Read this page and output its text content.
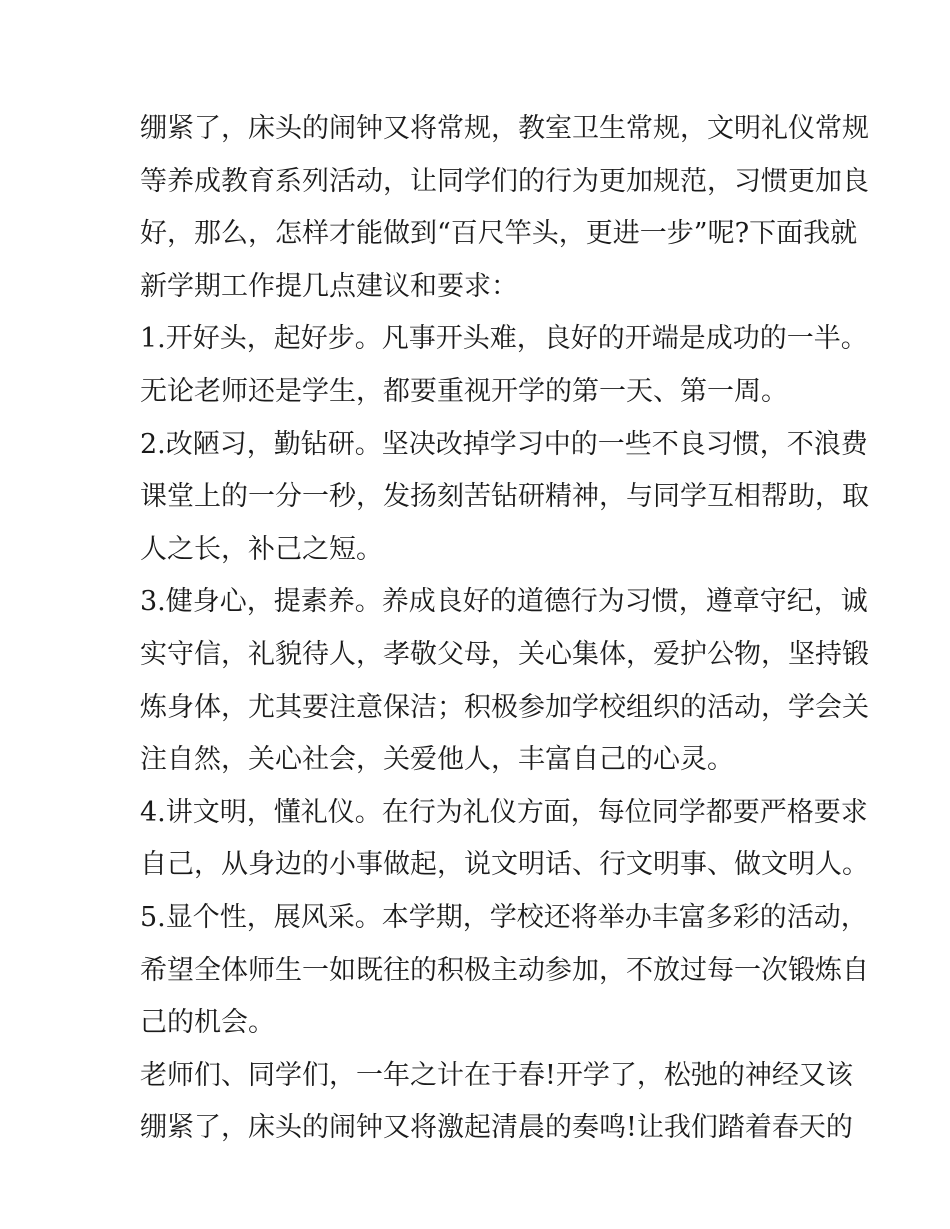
绷紧了，床头的闹钟又将常规，教室卫生常规，文明礼仪常规
等养成教育系列活动，让同学们的行为更加规范，习惯更加良
好，那么，怎样才能做到“百尺竿头，更进一步”呢?下面我就
新学期工作提几点建议和要求：
1.开好头，起好步。凡事开头难，良好的开端是成功的一半。
无论老师还是学生，都要重视开学的第一天、第一周。
2.改陋习，勤钻研。坚决改掉学习中的一些不良习惯，不浪费
课堂上的一分一秒，发扬刻苦钻研精神，与同学互相帮助，取
人之长，补己之短。
3.健身心，提素养。养成良好的道德行为习惯，遵章守纪，诚
实守信，礼貌待人，孝敬父母，关心集体，爱护公物，坚持锻
炼身体，尤其要注意保洁；积极参加学校组织的活动，学会关
注自然，关心社会，关爱他人，丰富自己的心灵。
4.讲文明，懂礼仪。在行为礼仪方面，每位同学都要严格要求
自己，从身边的小事做起，说文明话、行文明事、做文明人。
5.显个性，展风采。本学期，学校还将举办丰富多彩的活动，
希望全体师生一如既往的积极主动参加，不放过每一次锻炼自
己的机会。
老师们、同学们，一年之计在于春!开学了，松弛的神经又该
绷紧了，床头的闹钟又将激起清晨的奏鸣!让我们踏着春天的
